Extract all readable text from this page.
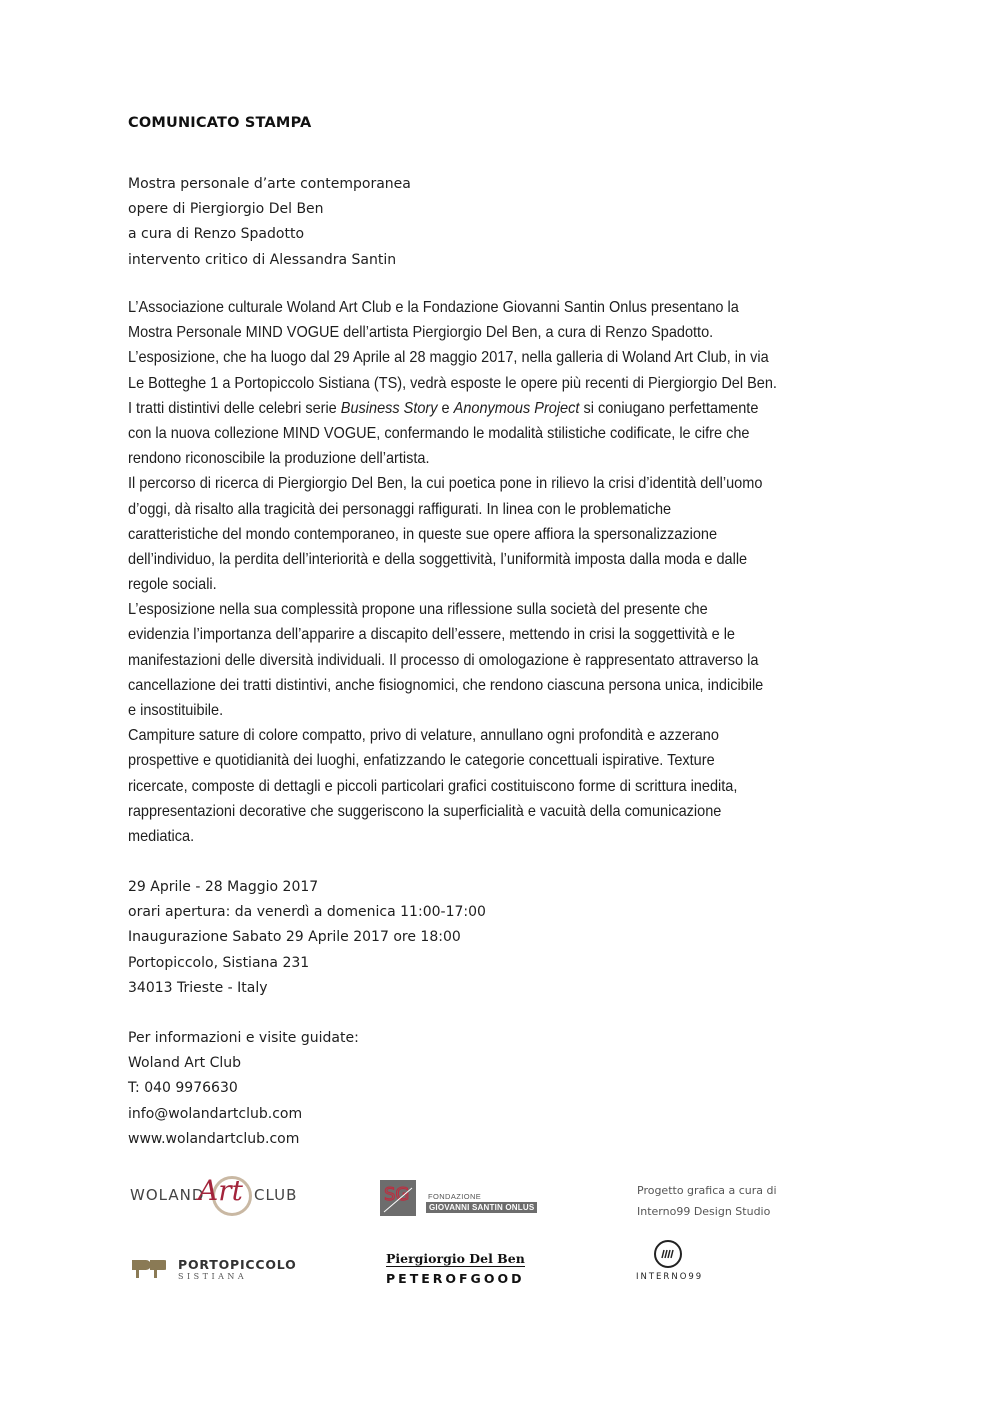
COMUNICATO STAMPA
Mostra personale d’arte contemporanea
opere di Piergiorgio Del Ben
a cura di Renzo Spadotto
intervento critico di Alessandra Santin
L’Associazione culturale Woland Art Club e la Fondazione Giovanni Santin Onlus presentano la
Mostra Personale MIND VOGUE dell’artista Piergiorgio Del Ben, a cura di Renzo Spadotto.
L’esposizione, che ha luogo dal 29 Aprile al 28 maggio 2017, nella galleria di Woland Art Club, in via
Le Botteghe 1 a Portopiccolo Sistiana (TS), vedrà esposte le opere più recenti di Piergiorgio Del Ben.
I tratti distintivi delle celebri serie Business Story e Anonymous Project si coniugano perfettamente
con la nuova collezione MIND VOGUE, confermando le modalità stilistiche codificate, le cifre che
rendono riconoscibile la produzione dell’artista.
Il percorso di ricerca di Piergiorgio Del Ben, la cui poetica pone in rilievo la crisi d’identità dell’uomo
d’oggi, dà risalto alla tragicità dei personaggi raffigurati. In linea con le problematiche
caratteristiche del mondo contemporaneo, in queste sue opere affiora la spersonalizzazione
dell’individuo, la perdita dell’interiorità e della soggettività, l’uniformità imposta dalla moda e dalle
regole sociali.
L’esposizione nella sua complessità propone una riflessione sulla società del presente che
evidenzia l’importanza dell’apparire a discapito dell’essere, mettendo in crisi la soggettività e le
manifestazioni delle diversità individuali. Il processo di omologazione è rappresentato attraverso la
cancellazione dei tratti distintivi, anche fisiognomici, che rendono ciascuna persona unica, indicibile
e insostituibile.
Campiture sature di colore compatto, privo di velature, annullano ogni profondità e azzerano
prospettive e quotidianità dei luoghi, enfatizzando le categorie concettuali ispirative. Texture
ricercate, composte di dettagli e piccoli particolari grafici costituiscono forme di scrittura inedita,
rappresentazioni decorative che suggeriscono la superficialità e vacuità della comunicazione
mediatica.
29 Aprile - 28 Maggio 2017
orari apertura: da venerdì a domenica 11:00-17:00
Inaugurazione Sabato 29 Aprile 2017 ore 18:00
Portopiccolo, Sistiana 231
34013 Trieste - Italy
Per informazioni e visite guidate:
Woland Art Club
T: 040 9976630
info@wolandartclub.com
www.wolandartclub.com
WOLAND
Art CLUB	SG FONDAZIONE
GIOVANNI SANTIN ONLUS
Progetto grafica a cura di
Interno99 Design Studio
PORTOPICCOLO
SISTIANA
Piergiorgio Del Ben
PETEROFGOOD	INTERNO99
